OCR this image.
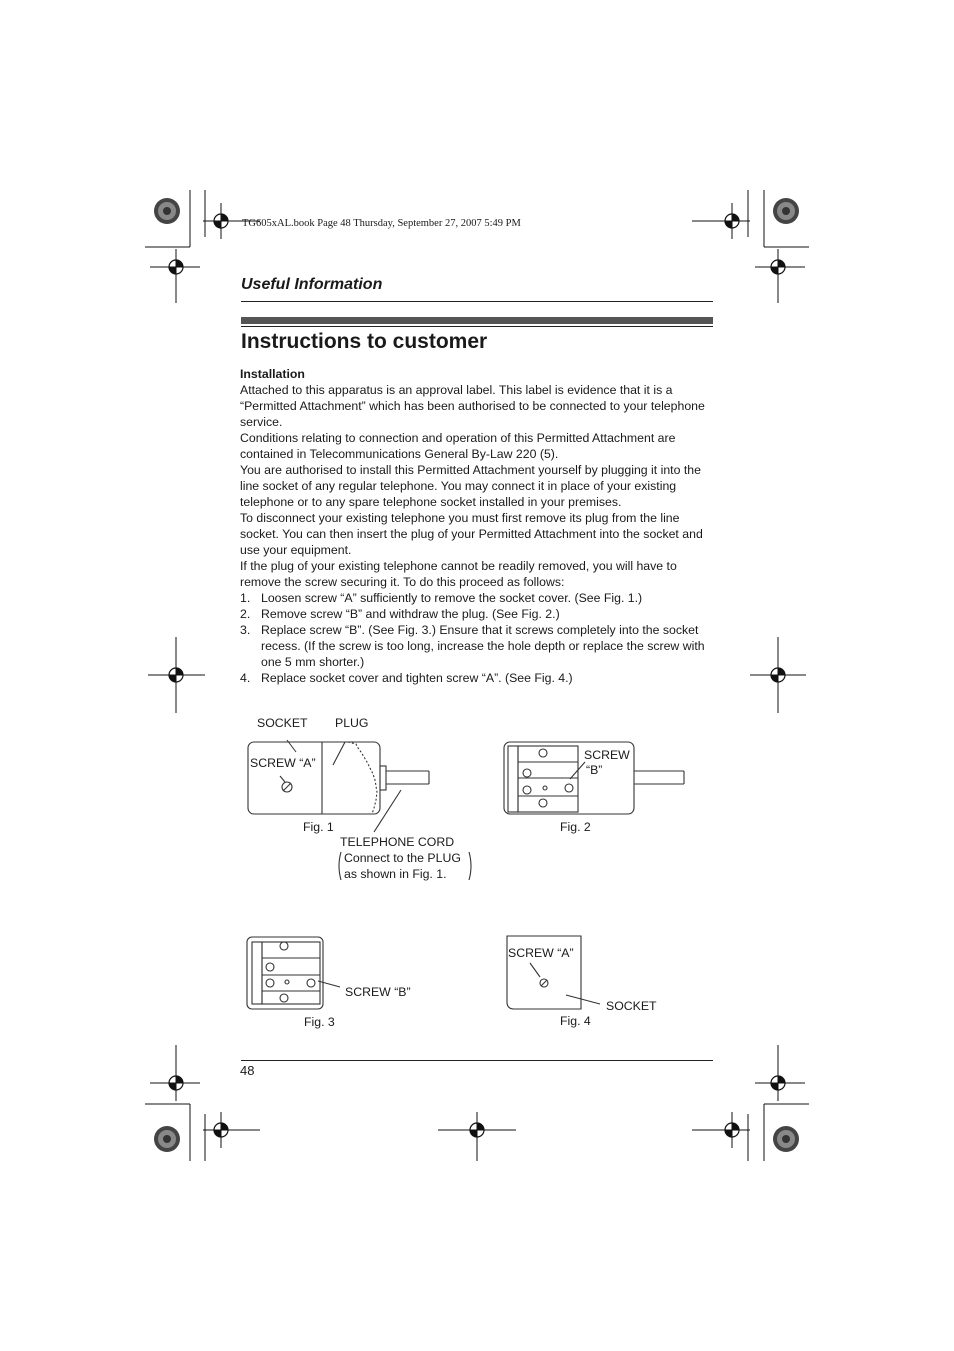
TG605xAL.book Page 48 Thursday, September 27, 2007 5:49 PM
Useful Information
Instructions to customer

Installation

Attached to this apparatus is an approval label. This label is evidence that it is a “Permitted Attachment” which has been authorised to be connected to your telephone service.

Conditions relating to connection and operation of this Permitted Attachment are contained in Telecommunications General By-Law 220 (5).

You are authorised to install this Permitted Attachment yourself by plugging it into the line socket of any regular telephone. You may connect it in place of your existing telephone or to any spare telephone socket installed in your premises.

To disconnect your existing telephone you must first remove its plug from the line socket. You can then insert the plug of your Permitted Attachment into the socket and use your equipment.

If the plug of your existing telephone cannot be readily removed, you will have to remove the screw securing it. To do this proceed as follows:

1. Loosen screw “A” sufficiently to remove the socket cover. (See Fig. 1.)
2. Remove screw “B” and withdraw the plug. (See Fig. 2.)
3. Replace screw “B”. (See Fig. 3.) Ensure that it screws completely into the socket recess. (If the screw is too long, increase the hole depth or replace the screw with one 5 mm shorter.)
4. Replace socket cover and tighten screw “A”. (See Fig. 4.)
SOCKET PLUG
SCREW “A”
Fig. 1
TELEPHONE CORD
Connect to the PLUG
as shown in Fig. 1.
SCREW
“B”
Fig. 2
SCREW “B”
Fig. 3
SCREW “A”
SOCKET
Fig. 4
48
